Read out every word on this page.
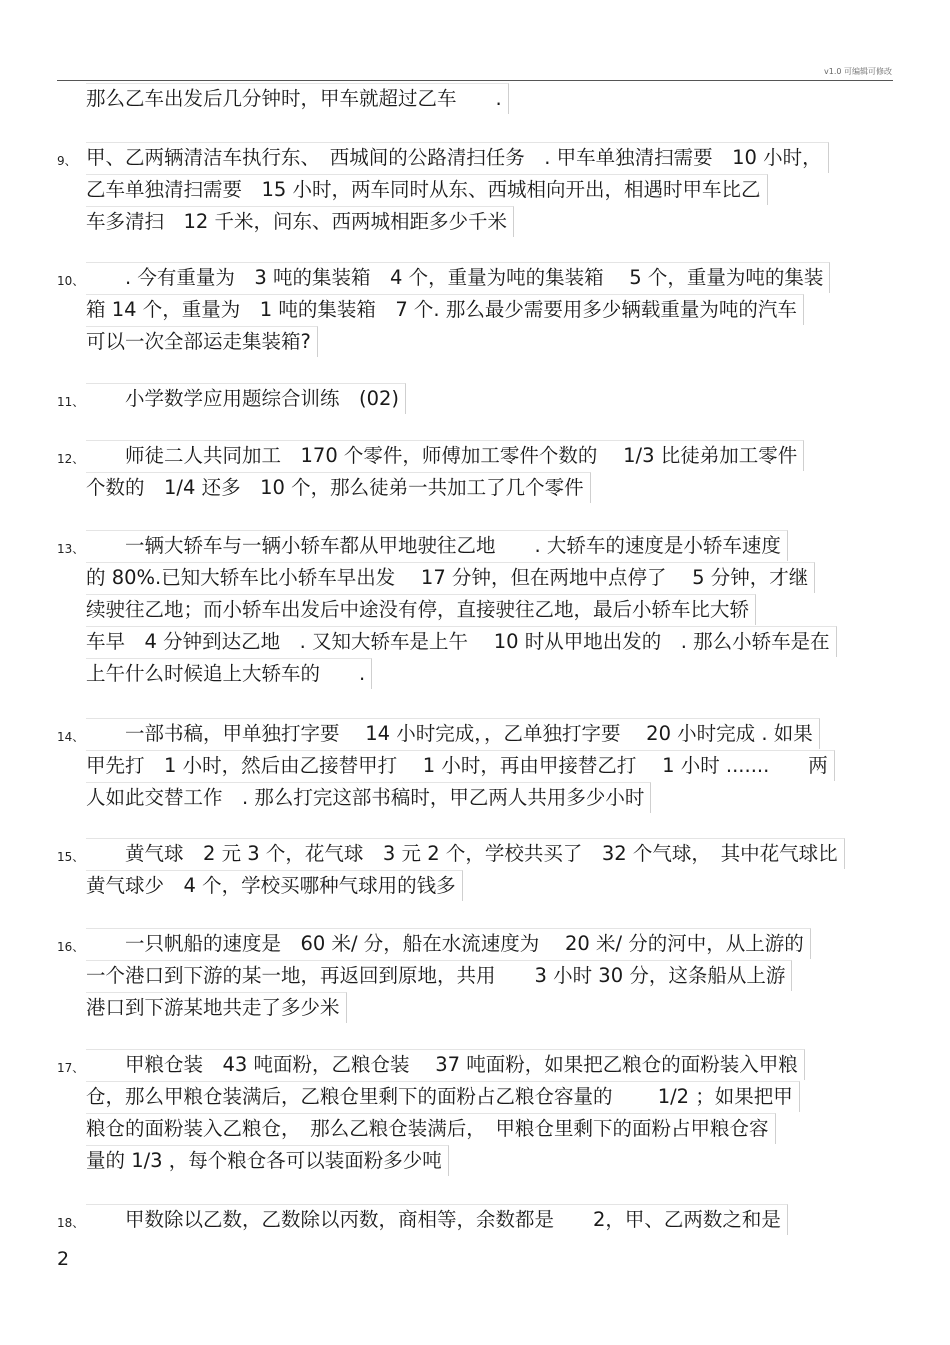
v1.0 可编辑可修改
那么乙车出发后几分钟时，甲车就超过乙车　　.
9、 甲、乙两辆清洁车执行东、　西城间的公路清扫任务　. 甲车单独清扫需要　10 小时，
乙车单独清扫需要　15 小时，两车同时从东、西城相向开出，相遇时甲车比乙
车多清扫　12 千米，问东、西两城相距多少千米
10、 　　. 今有重量为　3 吨的集装箱　4 个，重量为吨的集装箱　 5 个，重量为吨的集装
箱 14 个，重量为　1 吨的集装箱　7 个. 那么最少需要用多少辆载重量为吨的汽车
可以一次全部运走集装箱?
11、 　　小学数学应用题综合训练　(02)
12、 　　师徒二人共同加工　170 个零件，师傅加工零件个数的　 1/3 比徒弟加工零件
个数的　1/4 还多　10 个，那么徒弟一共加工了几个零件
13、 　　一辆大轿车与一辆小轿车都从甲地驶往乙地　　. 大轿车的速度是小轿车速度
的 80%.已知大轿车比小轿车早出发　 17 分钟，但在两地中点停了　 5 分钟，才继
续驶往乙地；而小轿车出发后中途没有停，直接驶往乙地，最后小轿车比大轿
车早　4 分钟到达乙地　. 又知大轿车是上午　 10 时从甲地出发的　. 那么小轿车是在
上午什么时候追上大轿车的　　.
14、 　　一部书稿，甲单独打字要　 14 小时完成，，乙单独打字要　 20 小时完成 . 如果
甲先打　1 小时，然后由乙接替甲打　 1 小时，再由甲接替乙打　 1 小时 .......　　两
人如此交替工作　. 那么打完这部书稿时，甲乙两人共用多少小时
15、 　　黄气球　2 元 3 个，花气球　3 元 2 个，学校共买了　32 个气球，　其中花气球比
黄气球少　4 个，学校买哪种气球用的钱多
16、 　　一只帆船的速度是　60 米/ 分，船在水流速度为　 20 米/ 分的河中，从上游的
一个港口到下游的某一地，再返回到原地，共用　　3 小时 30 分，这条船从上游
港口到下游某地共走了多少米
17、 　　甲粮仓装　43 吨面粉，乙粮仓装　 37 吨面粉，如果把乙粮仓的面粉装入甲粮
仓，那么甲粮仓装满后，乙粮仓里剩下的面粉占乙粮仓容量的　　 1/2 ；如果把甲
粮仓的面粉装入乙粮仓，　那么乙粮仓装满后，　甲粮仓里剩下的面粉占甲粮仓容
量的 1/3 ，每个粮仓各可以装面粉多少吨
18、 　　甲数除以乙数，乙数除以丙数，商相等，余数都是　　2，甲、乙两数之和是
2
